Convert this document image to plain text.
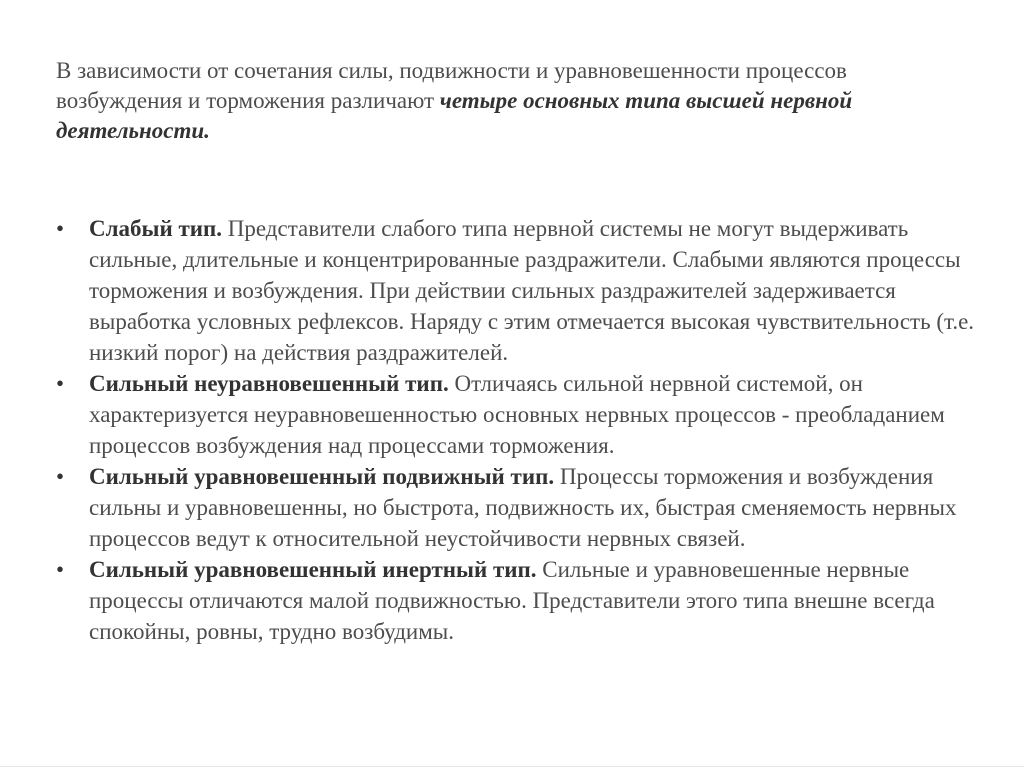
В зависимости от сочетания силы, подвижности и уравновешенности процессов возбуждения и торможения различают четыре основных типа высшей нервной деятельности.

•	Слабый тип. Представители слабого типа нервной системы не могут выдерживать сильные, длительные и концентрированные раздражители. Слабыми являются процессы торможения и возбуждения. При действии сильных раздражителей задерживается выработка условных рефлексов. Наряду с этим отмечается высокая чувствительность (т.е. низкий порог) на действия раздражителей.
•	Сильный неуравновешенный тип. Отличаясь сильной нервной системой, он характеризуется неуравновешенностью основных нервных процессов - преобладанием процессов возбуждения над процессами торможения.
•	Сильный уравновешенный подвижный тип. Процессы торможения и возбуждения сильны и уравновешенны, но быстрота, подвижность их, быстрая сменяемость нервных процессов ведут к относительной неустойчивости нервных связей.
•	Сильный уравновешенный инертный тип. Сильные и уравновешенные нервные процессы отличаются малой подвижностью. Представители этого типа внешне всегда спокойны, ровны, трудно возбудимы.
